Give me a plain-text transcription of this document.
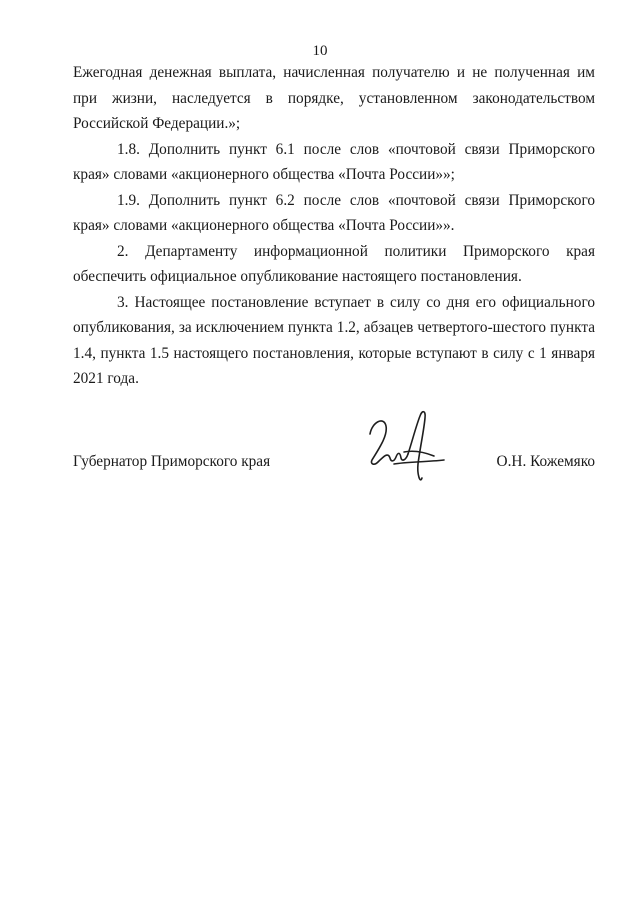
10

Ежегодная денежная выплата, начисленная получателю и не полученная им при жизни, наследуется в порядке, установленном законодательством Российской Федерации.»;

1.8. Дополнить пункт 6.1 после слов «почтовой связи Приморского края» словами «акционерного общества «Почта России»»;

1.9. Дополнить пункт 6.2 после слов «почтовой связи Приморского края» словами «акционерного общества «Почта России»».

2. Департаменту информационной политики Приморского края обеспечить официальное опубликование настоящего постановления.

3. Настоящее постановление вступает в силу со дня его официального опубликования, за исключением пункта 1.2, абзацев четвертого-шестого пункта 1.4, пункта 1.5 настоящего постановления, которые вступают в силу с 1 января 2021 года.

Губернатор Приморского края	О.Н. Кожемяко
